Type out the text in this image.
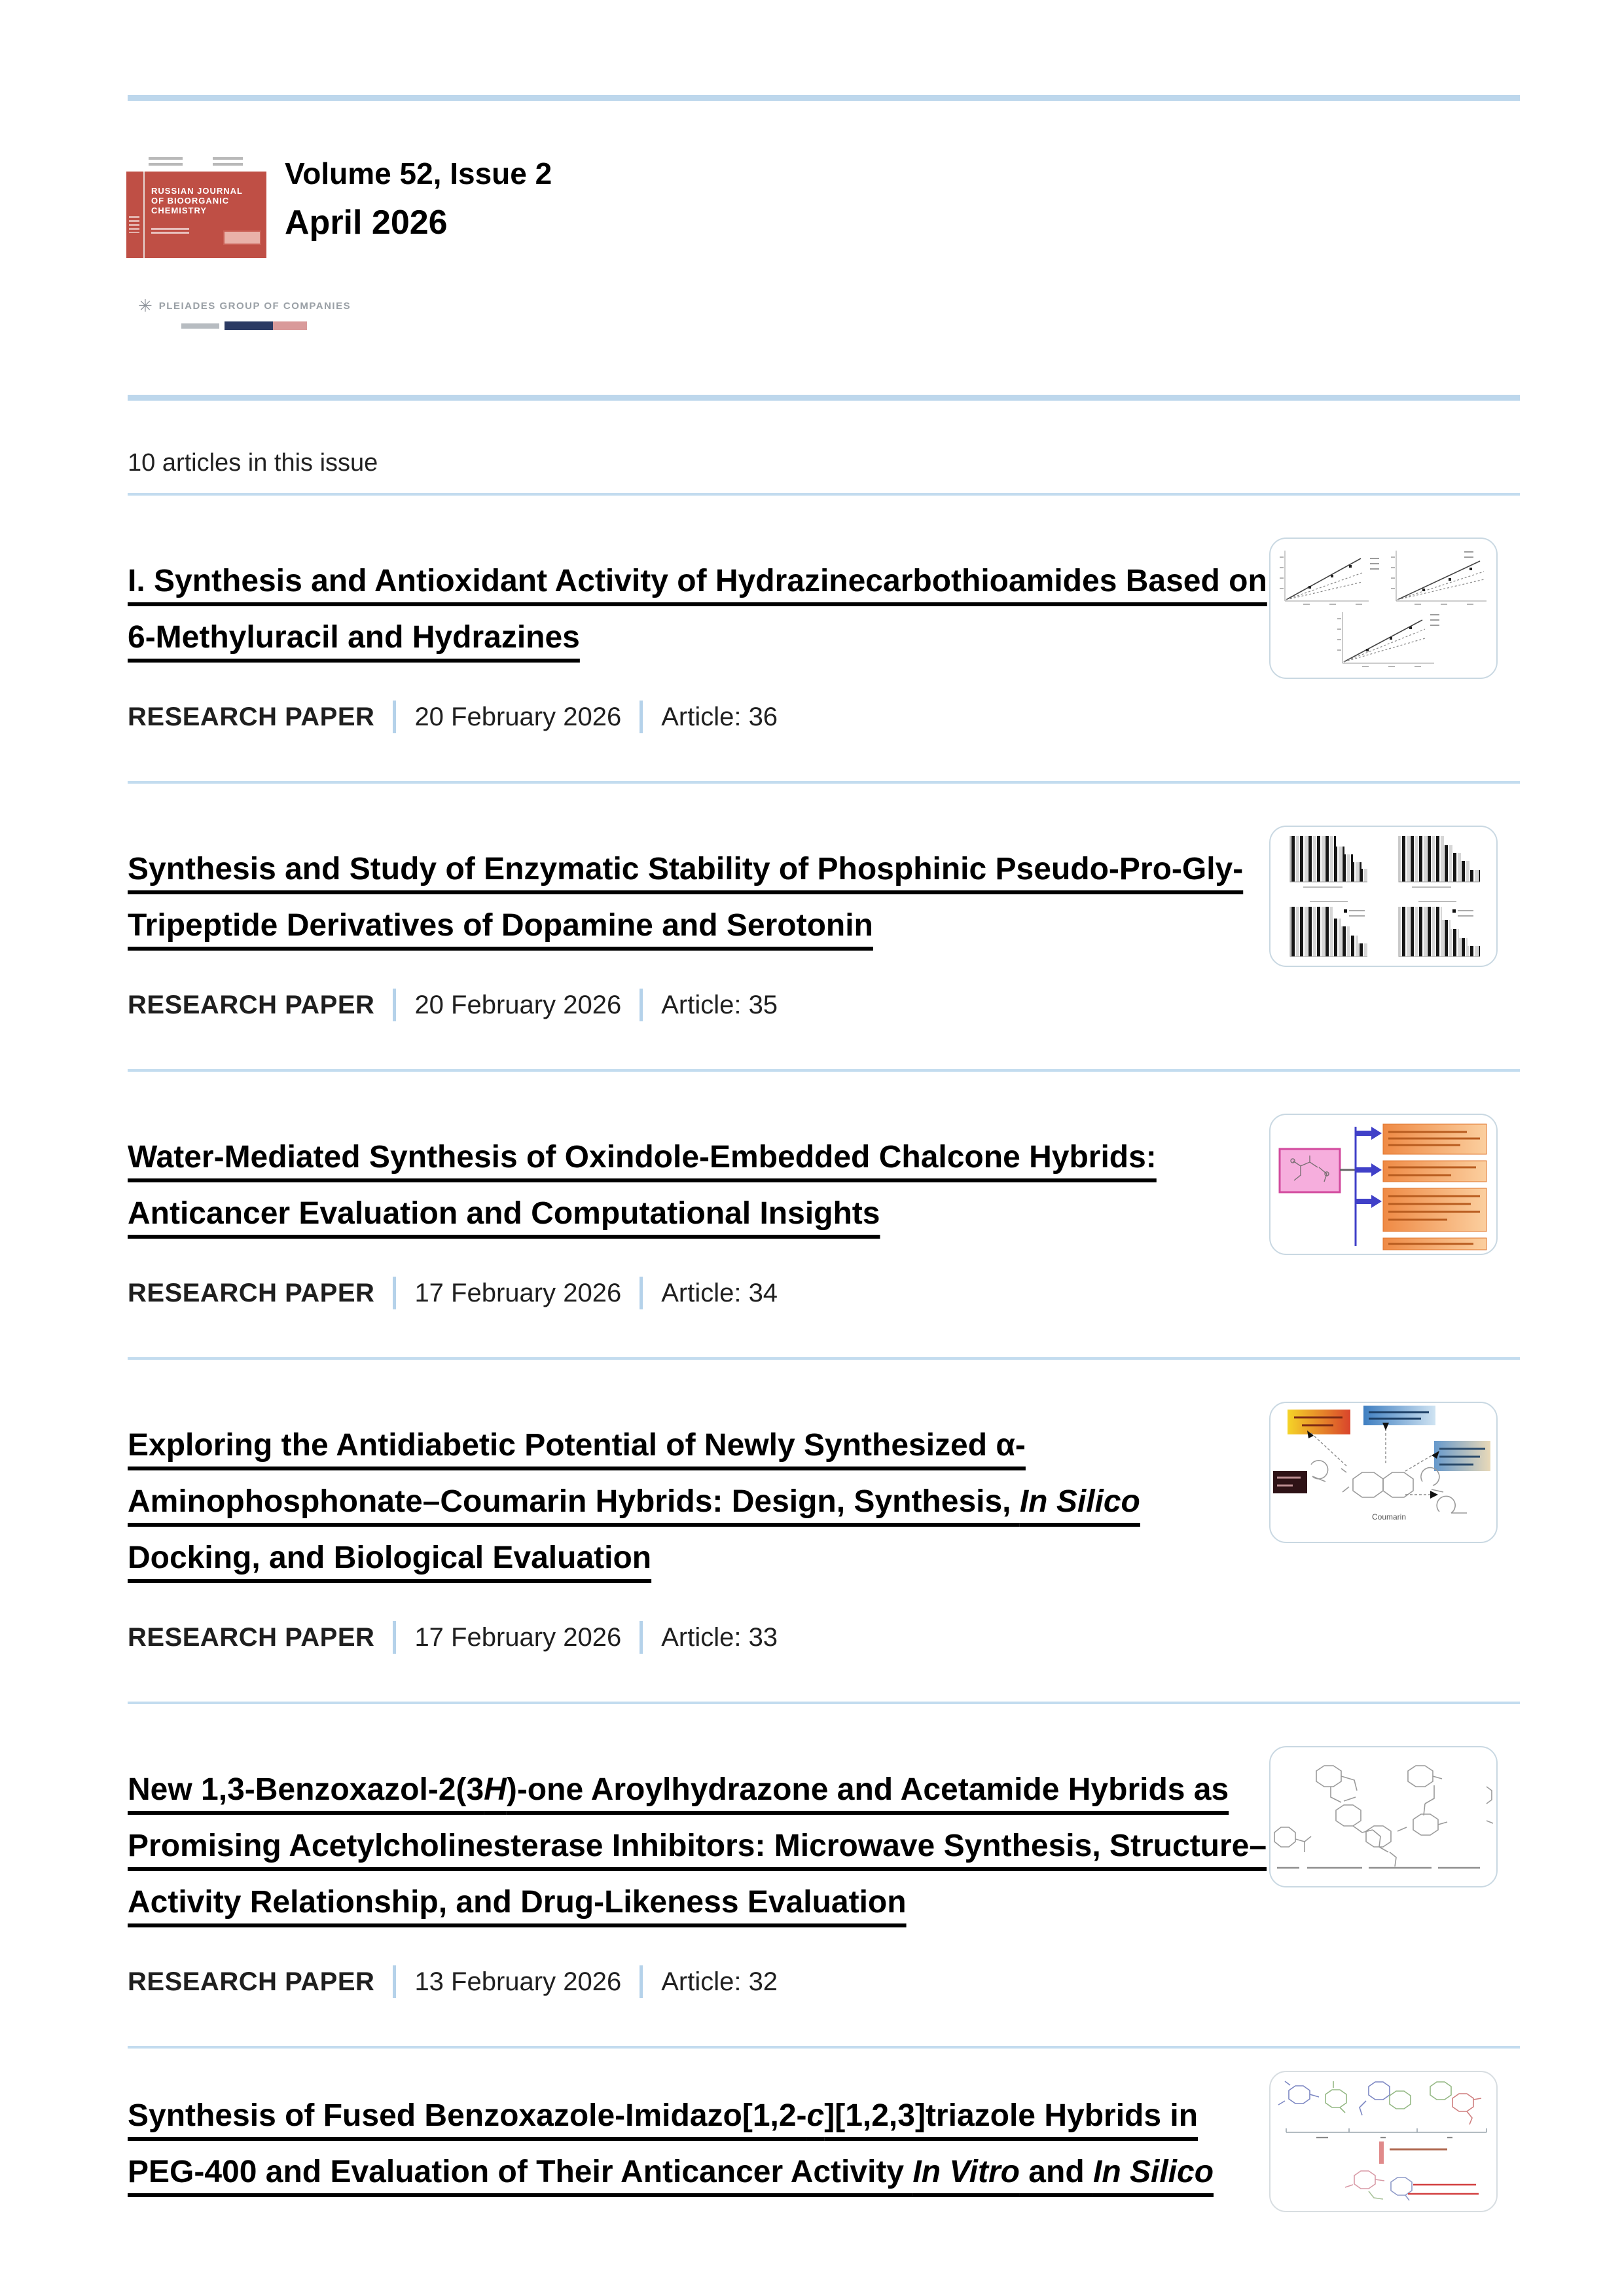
RUSSIAN JOURNAL
OF BIOORGANIC
CHEMISTRY
Volume 52, Issue 2
April 2026
✳ PLEIADES GROUP OF COMPANIES
10 articles in this issue
I. Synthesis and Antioxidant Activity of Hydrazinecarbothioamides Based on 6-Methyluracil and Hydrazines
RESEARCH PAPER 20 February 2026 Article: 36
Synthesis and Study of Enzymatic Stability of Phosphinic Pseudo-Pro-Gly-Tripeptide Derivatives of Dopamine and Serotonin
RESEARCH PAPER 20 February 2026 Article: 35
Water-Mediated Synthesis of Oxindole-Embedded Chalcone Hybrids: Anticancer Evaluation and Computational Insights
RESEARCH PAPER 17 February 2026 Article: 34
Coumarin
Exploring the Antidiabetic Potential of Newly Synthesized α-Aminophosphonate–Coumarin Hybrids: Design, Synthesis, In Silico Docking, and Biological Evaluation
RESEARCH PAPER 17 February 2026 Article: 33
New 1,3-Benzoxazol-2(3H)-one Aroylhydrazone and Acetamide Hybrids as Promising Acetylcholinesterase Inhibitors: Microwave Synthesis, Structure–Activity Relationship, and Drug-Likeness Evaluation
RESEARCH PAPER 13 February 2026 Article: 32
Synthesis of Fused Benzoxazole-Imidazo[1,2-c][1,2,3]triazole Hybrids in PEG-400 and Evaluation of Their Anticancer Activity In Vitro and In Silico
